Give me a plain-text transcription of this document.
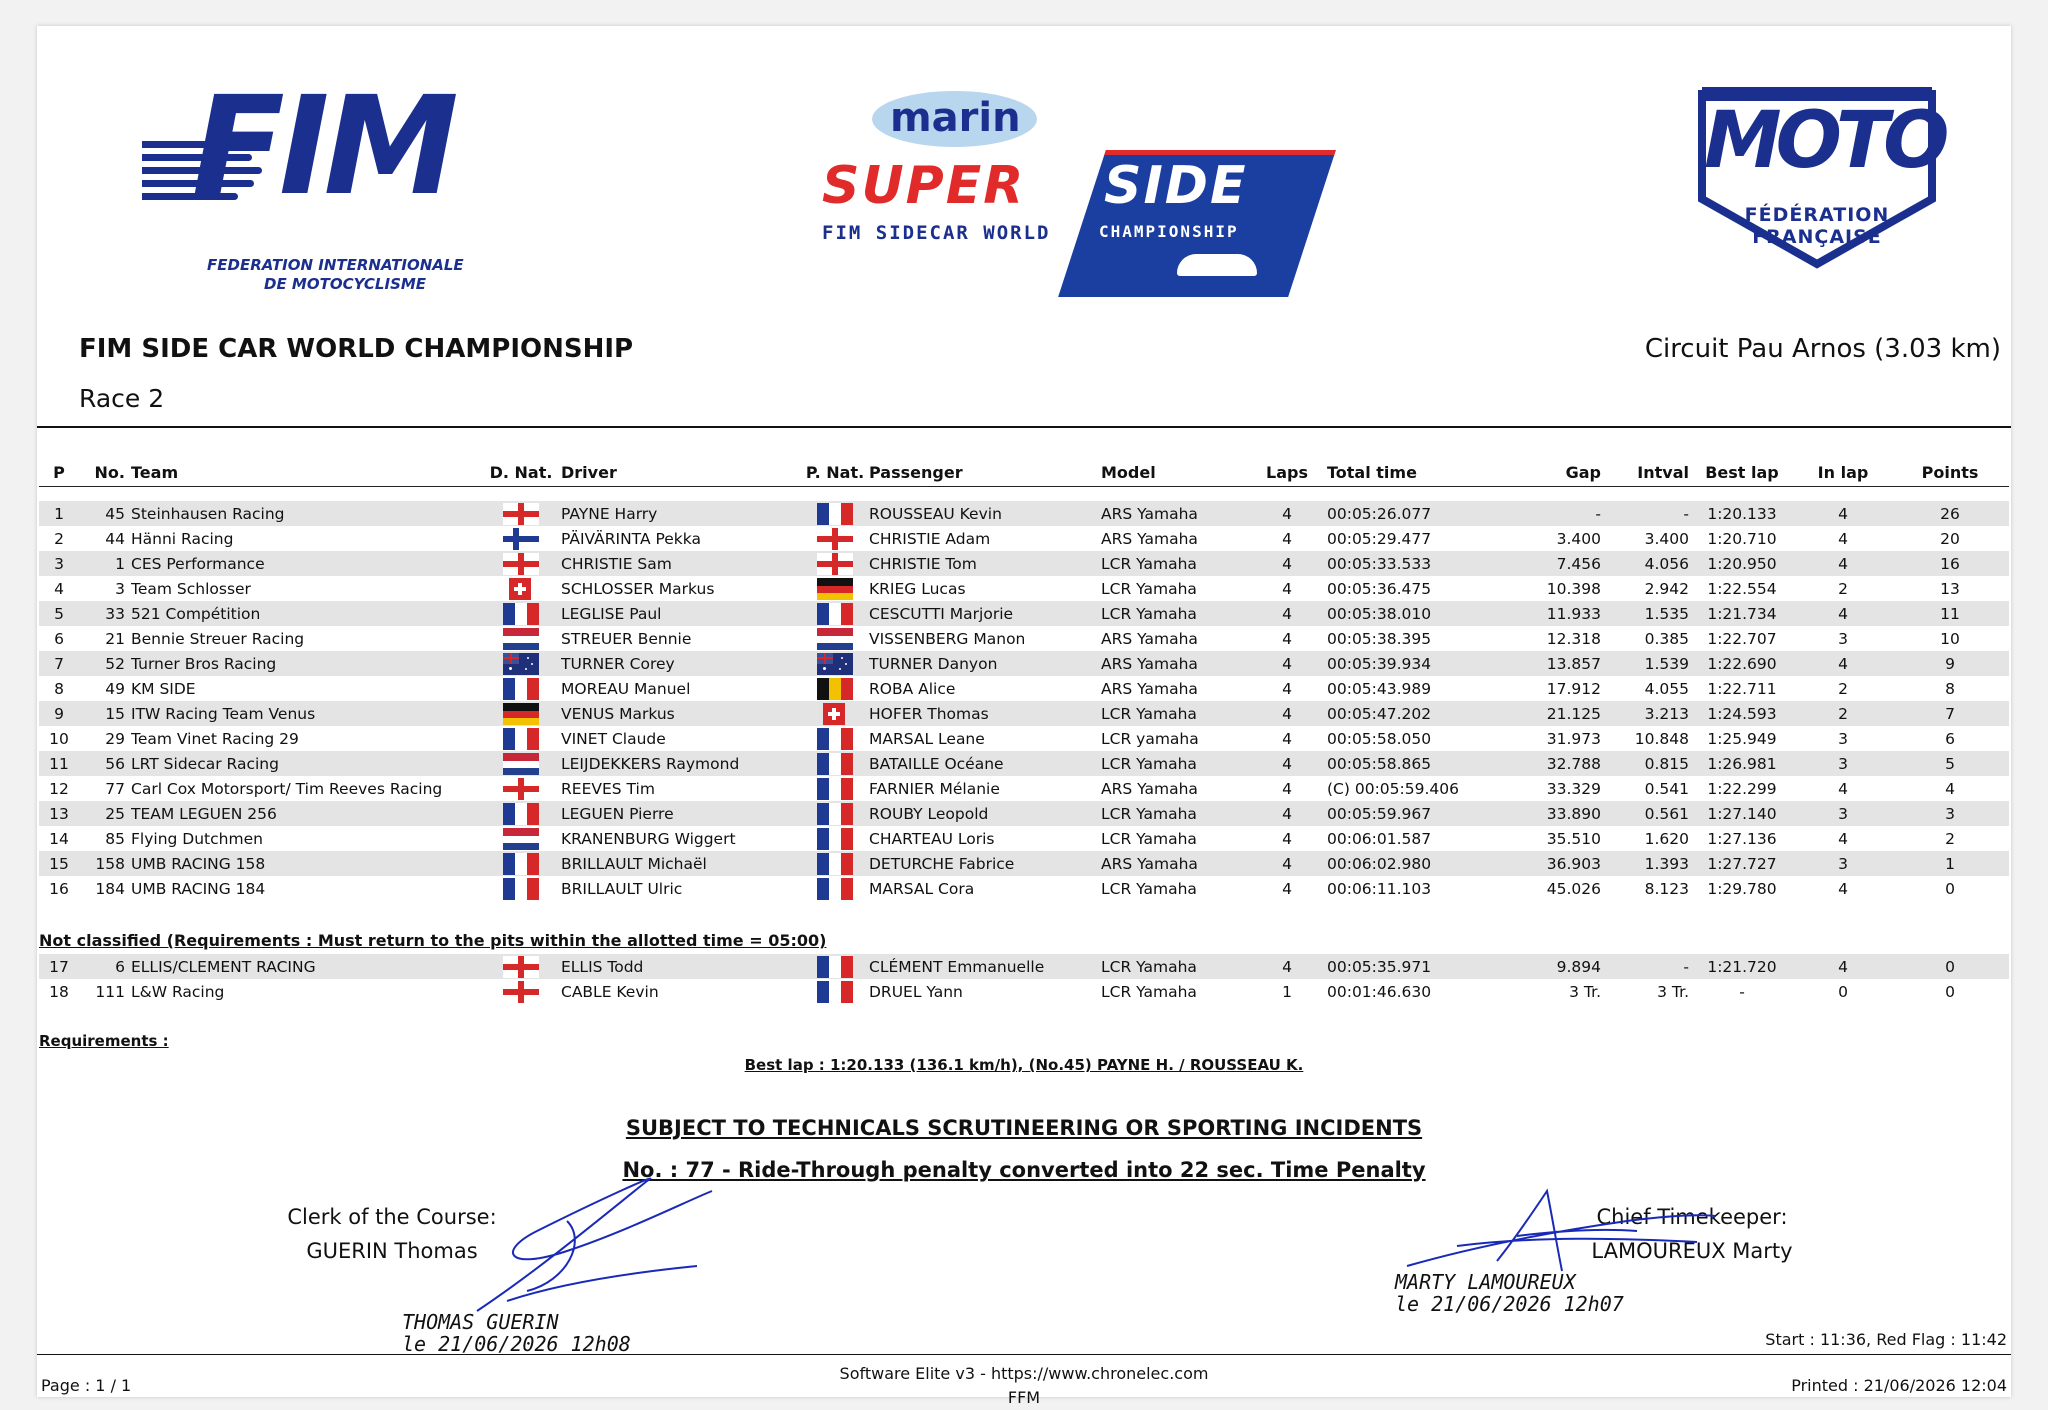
FIM
FEDERATION INTERNATIONALE
DE MOTOCYCLISME
marin
SUPER SIDE
FIM SIDECAR WORLD	CHAMPIONSHIP
MOTO
FÉDÉRATION
FRANÇAISE
FIM SIDE CAR WORLD CHAMPIONSHIP	Circuit Pau Arnos (3.03 km)
Race 2
P	No.	Team	D. Nat.	Driver	P. Nat.	Passenger	Model	Laps	Total time	Gap	Intval	Best lap	In lap	Points

1	45	Steinhausen Racing		PAYNE Harry		ROUSSEAU Kevin	ARS Yamaha	4	00:05:26.077	-	-	1:20.133	4	26
2	44	Hänni Racing		PÄIVÄRINTA Pekka		CHRISTIE Adam	ARS Yamaha	4	00:05:29.477	3.400	3.400	1:20.710	4	20
3	1	CES Performance		CHRISTIE Sam		CHRISTIE Tom	LCR Yamaha	4	00:05:33.533	7.456	4.056	1:20.950	4	16
4	3	Team Schlosser		SCHLOSSER Markus		KRIEG Lucas	LCR Yamaha	4	00:05:36.475	10.398	2.942	1:22.554	2	13
5	33	521 Compétition		LEGLISE Paul		CESCUTTI Marjorie	LCR Yamaha	4	00:05:38.010	11.933	1.535	1:21.734	4	11
6	21	Bennie Streuer Racing		STREUER Bennie		VISSENBERG Manon	ARS Yamaha	4	00:05:38.395	12.318	0.385	1:22.707	3	10
7	52	Turner Bros Racing		TURNER Corey		TURNER Danyon	ARS Yamaha	4	00:05:39.934	13.857	1.539	1:22.690	4	9
8	49	KM SIDE		MOREAU Manuel		ROBA Alice	ARS Yamaha	4	00:05:43.989	17.912	4.055	1:22.711	2	8
9	15	ITW Racing Team Venus		VENUS Markus		HOFER Thomas	LCR Yamaha	4	00:05:47.202	21.125	3.213	1:24.593	2	7
10	29	Team Vinet Racing 29		VINET Claude		MARSAL Leane	LCR yamaha	4	00:05:58.050	31.973	10.848	1:25.949	3	6
11	56	LRT Sidecar Racing		LEIJDEKKERS Raymond		BATAILLE Océane	LCR Yamaha	4	00:05:58.865	32.788	0.815	1:26.981	3	5
12	77	Carl Cox Motorsport/ Tim Reeves Racing		REEVES Tim		FARNIER Mélanie	ARS Yamaha	4	(C) 00:05:59.406	33.329	0.541	1:22.299	4	4
13	25	TEAM LEGUEN 256		LEGUEN Pierre		ROUBY Leopold	LCR Yamaha	4	00:05:59.967	33.890	0.561	1:27.140	3	3
14	85	Flying Dutchmen		KRANENBURG Wiggert		CHARTEAU Loris	LCR Yamaha	4	00:06:01.587	35.510	1.620	1:27.136	4	2
15	158	UMB RACING 158		BRILLAULT Michaël		DETURCHE Fabrice	ARS Yamaha	4	00:06:02.980	36.903	1.393	1:27.727	3	1
16	184	UMB RACING 184		BRILLAULT Ulric		MARSAL Cora	LCR Yamaha	4	00:06:11.103	45.026	8.123	1:29.780	4	0
Not classified (Requirements : Must return to the pits within the allotted time = 05:00)
17	6	ELLIS/CLEMENT RACING		ELLIS Todd		CLÉMENT Emmanuelle	LCR Yamaha	4	00:05:35.971	9.894	-	1:21.720	4	0
18	111	L&W Racing		CABLE Kevin		DRUEL Yann	LCR Yamaha	1	00:01:46.630	3 Tr.	3 Tr.	-	0	0
Requirements :
Best lap : 1:20.133 (136.1 km/h), (No.45) PAYNE H. / ROUSSEAU K.
SUBJECT TO TECHNICALS SCRUTINEERING OR SPORTING INCIDENTS
No. : 77 - Ride-Through penalty converted into 22 sec. Time Penalty
Clerk of the Course:
GUERIN Thomas
THOMAS GUERIN
le 21/06/2026 12h08
Chief Timekeeper:
LAMOUREUX Marty
MARTY LAMOUREUX
le 21/06/2026 12h07
Start : 11:36, Red Flag : 11:42
Page : 1 / 1
Software Elite v3 - https://www.chronelec.com
FFM
Printed : 21/06/2026 12:04
